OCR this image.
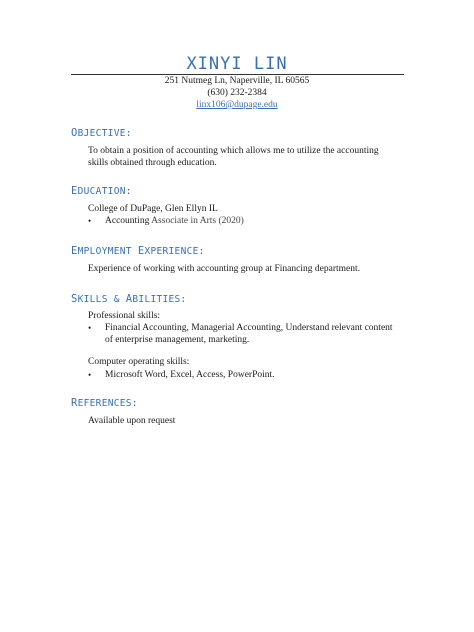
XINYI LIN
251 Nutmeg Ln, Naperville, IL 60565
(630) 232-2384
linx106@dupage.edu
OBJECTIVE:
To obtain a position of accounting which allows me to utilize the accounting
skills obtained through education.
EDUCATION:
College of DuPage, Glen Ellyn IL
• Accounting Associate in Arts (2020)
EMPLOYMENT EXPERIENCE:
Experience of working with accounting group at Financing department.
SKILLS & ABILITIES:
Professional skills:
• Financial Accounting, Managerial Accounting, Understand relevant content
of enterprise management, marketing.
Computer operating skills:
• Microsoft Word, Excel, Access, PowerPoint.
REFERENCES:
Available upon request
